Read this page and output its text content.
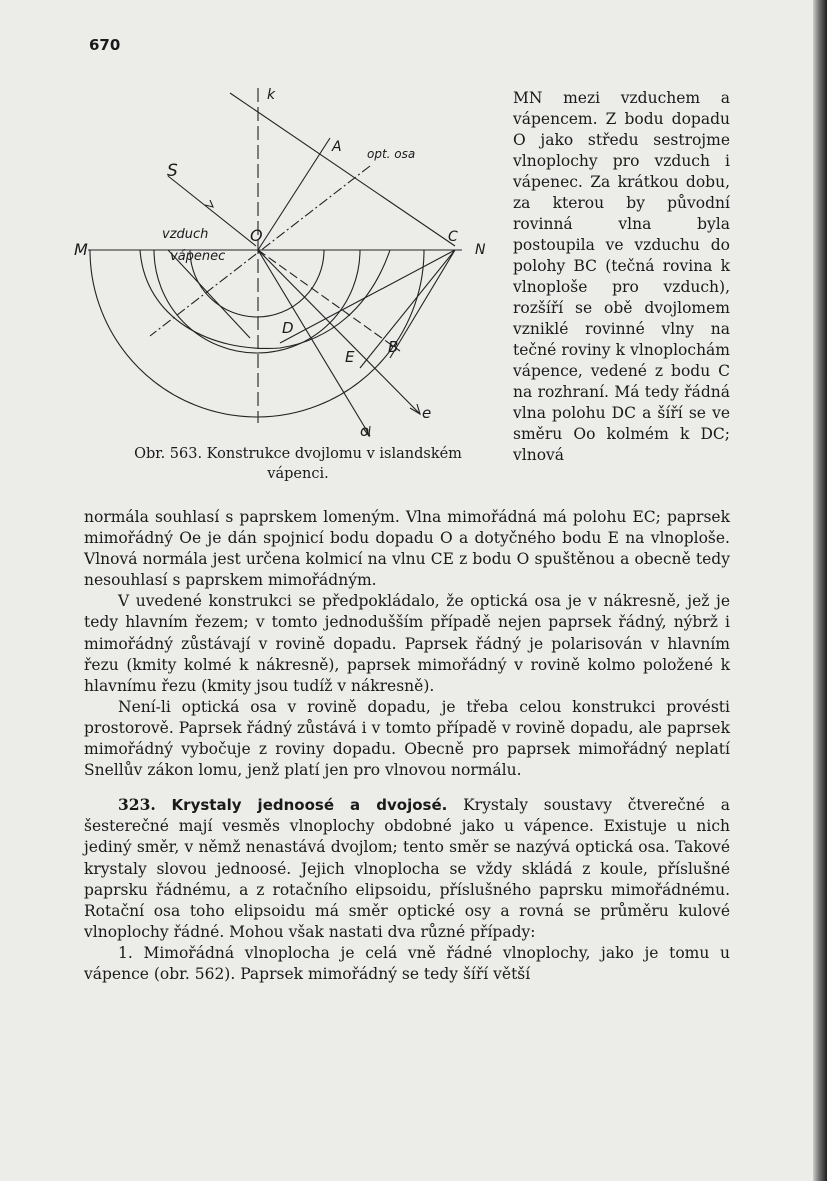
670
k
S
A opt. osa
vzduch
vápenec
M	N
O	C
D
E
B
e
o
Obr. 563. Konstrukce dvojlomu v islandském
vápenci.

MN mezi vzduchem a vápencem. Z bodu dopadu O jako středu sestrojme vlnoplochy pro vzduch i vápenec. Za krátkou dobu, za kterou by původní rovinná vlna byla postoupila ve vzduchu do polohy BC (tečná rovina k vlnoploše pro vzduch), rozšíří se obě dvojlomem vzniklé rovinné vlny na tečné roviny k vlnoplochám vápence, vedené z bodu C na rozhraní. Má tedy řádná vlna polohu DC a šíří se ve směru Oo kolmém k DC; vlnová

normála souhlasí s paprskem lomeným. Vlna mimořádná má polohu EC; paprsek mimořádný Oe je dán spojnicí bodu dopadu O a dotyčného bodu E na vlnoploše. Vlnová normála jest určena kolmicí na vlnu CE z bodu O spuštěnou a obecně tedy nesouhlasí s paprskem mimořádným.

V uvedené konstrukci se předpokládalo, že optická osa je v nákresně, jež je tedy hlavním řezem; v tomto jednodušším případě nejen paprsek řádný, nýbrž i mimořádný zůstávají v rovině dopadu. Paprsek řádný je polarisován v hlavním řezu (kmity kolmé k nákresně), paprsek mimořádný v rovině kolmo položené k hlavnímu řezu (kmity jsou tudíž v nákresně).

Není-li optická osa v rovině dopadu, je třeba celou konstrukci provésti prostorově. Paprsek řádný zůstává i v tomto případě v rovině dopadu, ale paprsek mimořádný vybočuje z roviny dopadu. Obecně pro paprsek mimořádný neplatí Snellův zákon lomu, jenž platí jen pro vlnovou normálu.

323. Krystaly jednoosé a dvojosé. Krystaly soustavy čtverečné a šesterečné mají vesměs vlnoplochy obdobné jako u vápence. Existuje u nich jediný směr, v němž nenastává dvojlom; tento směr se nazývá optická osa. Takové krystaly slovou jednoosé. Jejich vlnoplocha se vždy skládá z koule, příslušné paprsku řádnému, a z rotačního elipsoidu, příslušného paprsku mimořádnému. Rotační osa toho elipsoidu má směr optické osy a rovná se průměru kulové vlnoplochy řádné. Mohou však nastati dva různé případy:

1. Mimořádná vlnoplocha je celá vně řádné vlnoplochy, jako je tomu u vápence (obr. 562). Paprsek mimořádný se tedy šíří větší
